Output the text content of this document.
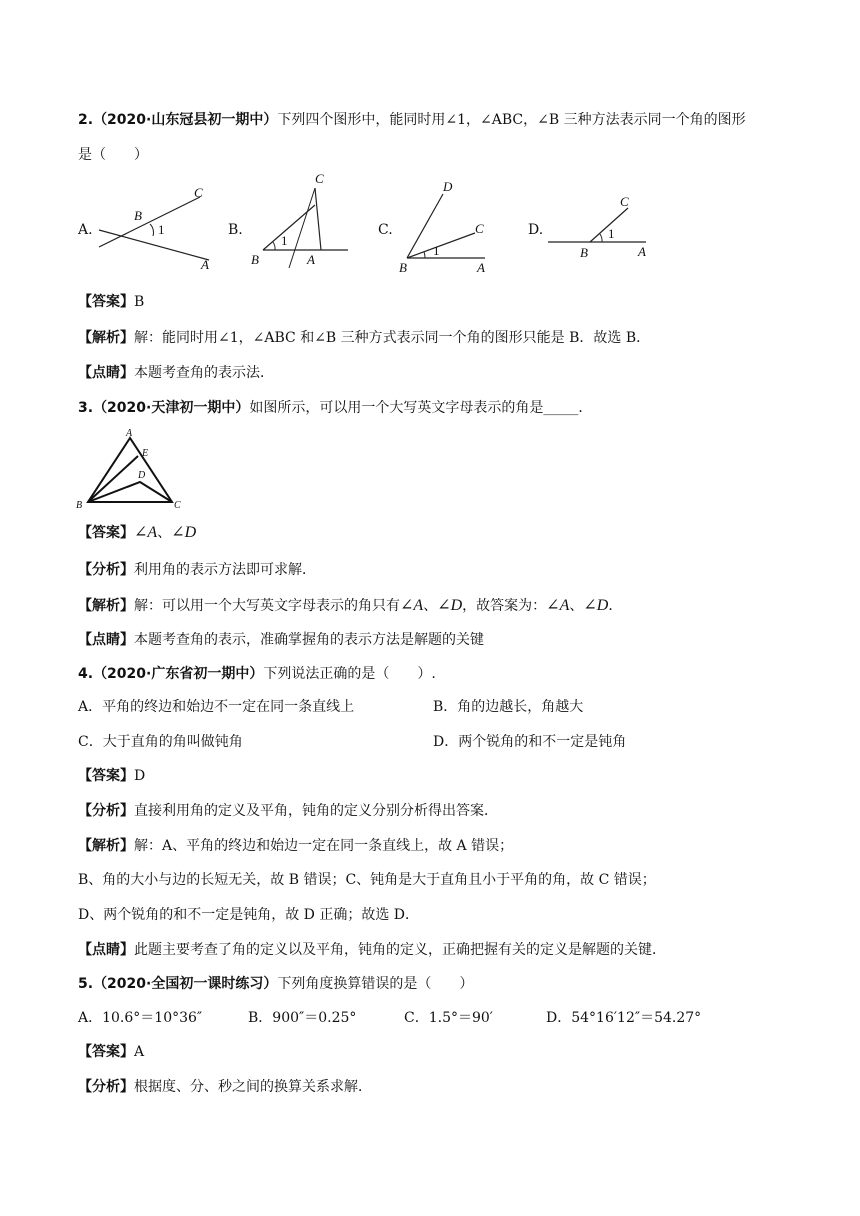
2.（2020·山东冠县初一期中）下列四个图形中，能同时用∠1，∠ABC，∠B 三种方法表示同一个角的图形
是（　　）
A.
C
B
1
A
B.
C
1
B	A
C.
D
C
1
B	A
D.
C
1
B	A
【答案】B
【解析】解：能同时用∠1，∠ABC 和∠B 三种方式表示同一个角的图形只能是 B．故选 B．
【点睛】本题考查角的表示法．
3.（2020·天津初一期中）如图所示，可以用一个大写英文字母表示的角是_____．
A
E
D
B	C
【答案】∠A、∠D
【分析】利用角的表示方法即可求解．
【解析】解：可以用一个大写英文字母表示的角只有∠A、∠D，故答案为：∠A、∠D．
【点睛】本题考查角的表示，准确掌握角的表示方法是解题的关键
4.（2020·广东省初一期中）下列说法正确的是（　　）.
A．平角的终边和始边不一定在同一条直线上	B．角的边越长，角越大
C．大于直角的角叫做钝角	D．两个锐角的和不一定是钝角
【答案】D
【分析】直接利用角的定义及平角，钝角的定义分别分析得出答案．
【解析】解：A、平角的终边和始边一定在同一条直线上，故 A 错误；
B、角的大小与边的长短无关，故 B 错误；C、钝角是大于直角且小于平角的角，故 C 错误；
D、两个锐角的和不一定是钝角，故 D 正确；故选 D．
【点睛】此题主要考查了角的定义以及平角，钝角的定义，正确把握有关的定义是解题的关键．
5.（2020·全国初一课时练习）下列角度换算错误的是（　　）
A．10.6°＝10°36″	B．900″＝0.25°	C．1.5°＝90′	D．54°16′12″＝54.27°
【答案】A
【分析】根据度、分、秒之间的换算关系求解．
